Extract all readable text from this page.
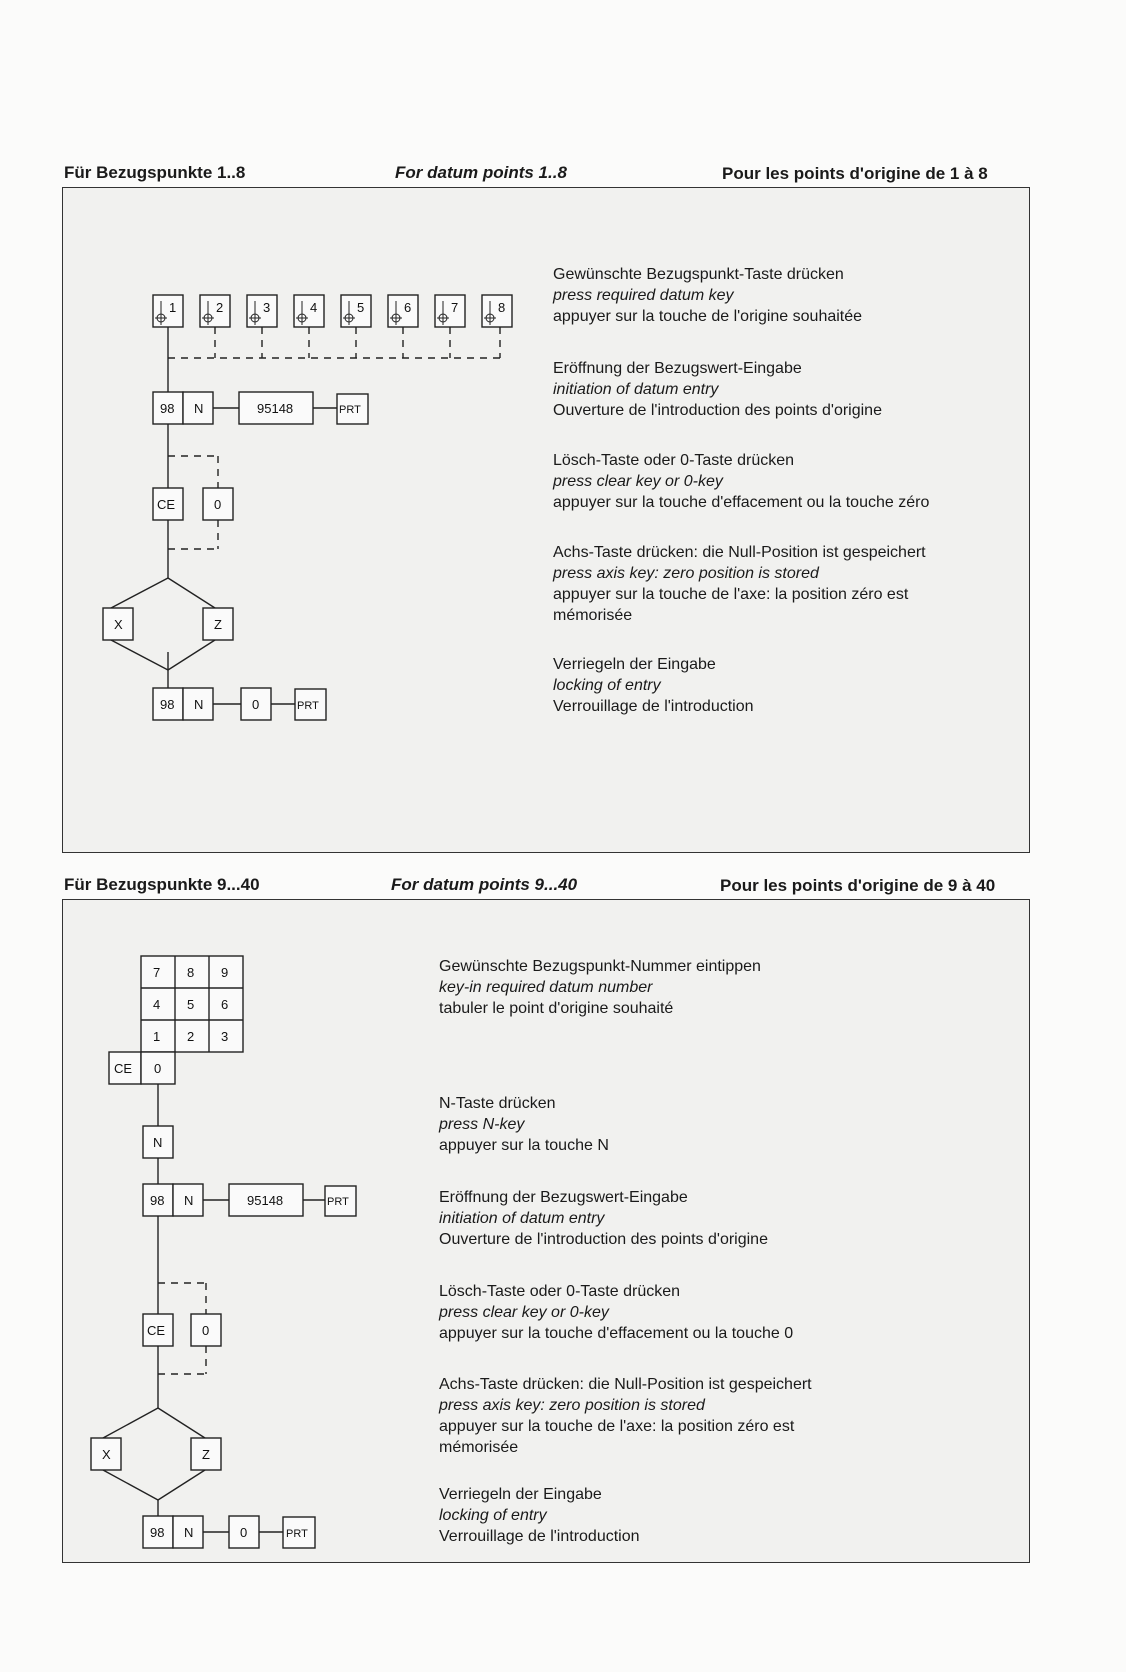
Für Bezugspunkte 1..8	For datum points 1..8	Pour les points d'origine de 1 à 8
1	2	3	4	5	6	7	8
98 N	95148	PRT
CE	0
X	Z
98 N	0	PRT
Gewünschte Bezugspunkt-Taste drücken
press required datum key
appuyer sur la touche de l'origine souhaitée
Eröffnung der Bezugswert-Eingabe
initiation of datum entry
Ouverture de l'introduction des points d'origine
Lösch-Taste oder 0-Taste drücken
press clear key or 0-key
appuyer sur la touche d'effacement ou la touche zéro
Achs-Taste drücken: die Null-Position ist gespeichert
press axis key: zero position is stored
appuyer sur la touche de l'axe: la position zéro est
mémorisée
Verriegeln der Eingabe
locking of entry
Verrouillage de l'introduction
Für Bezugspunkte 9...40	For datum points 9...40	Pour les points d'origine de 9 à 40
7 8 9
4 5 6
1 2 3
CE 0
N
98 N	95148	PRT
CE	0
X	Z
98 N	0	PRT
Gewünschte Bezugspunkt-Nummer eintippen
key-in required datum number
tabuler le point d'origine souhaité
N-Taste drücken
press N-key
appuyer sur la touche N
Eröffnung der Bezugswert-Eingabe
initiation of datum entry
Ouverture de l'introduction des points d'origine
Lösch-Taste oder 0-Taste drücken
press clear key or 0-key
appuyer sur la touche d'effacement ou la touche 0
Achs-Taste drücken: die Null-Position ist gespeichert
press axis key: zero position is stored
appuyer sur la touche de l'axe: la position zéro est
mémorisée
Verriegeln der Eingabe
locking of entry
Verrouillage de l'introduction
